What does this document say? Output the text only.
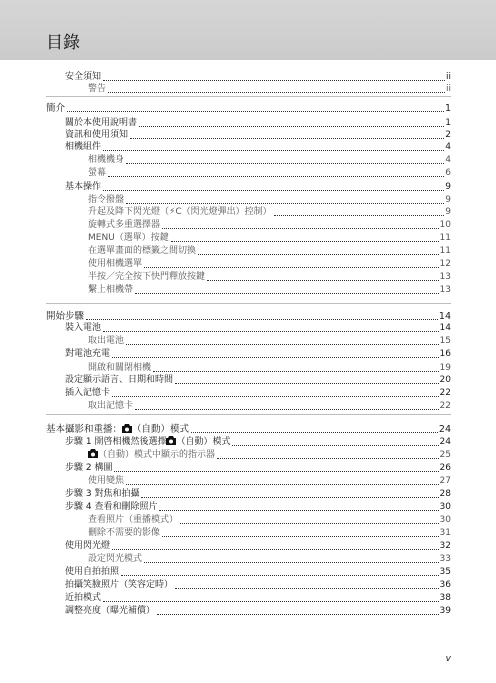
目錄
安全須知	ii
警告	ii
簡介	1
關於本使用說明書	1
資訊和使用須知	2
相機組件	4
相機機身	4
螢幕	6
基本操作	9
指令撥盤	9
升起及降下閃光燈（⚡C（閃光燈彈出）控制）	9
旋轉式多重選擇器	10
MENU（選單）按鍵	11
在選單畫面的標籤之間切換	11
使用相機選單	12
半按／完全按下快門釋放按鍵	13
繫上相機帶	13
開始步驟	14
裝入電池	14
取出電池	15
對電池充電	16
開啟和關閉相機	19
設定顯示語言、日期和時間	20
插入記憶卡	22
取出記憶卡	22
基本攝影和重播： （自動）模式	24
步驟 1 開啓相機然後選擇 （自動）模式	24
（自動）模式中顯示的指示器	25
步驟 2 構圖	26
使用變焦	27
步驟 3 對焦和拍攝	28
步驟 4 查看和刪除照片	30
查看照片（重播模式）	30
刪除不需要的影像	31
使用閃光燈	32
設定閃光模式	33
使用自拍拍照	35
拍攝笑臉照片（笑容定時）	36
近拍模式	38
調整亮度（曝光補償）	39
v
